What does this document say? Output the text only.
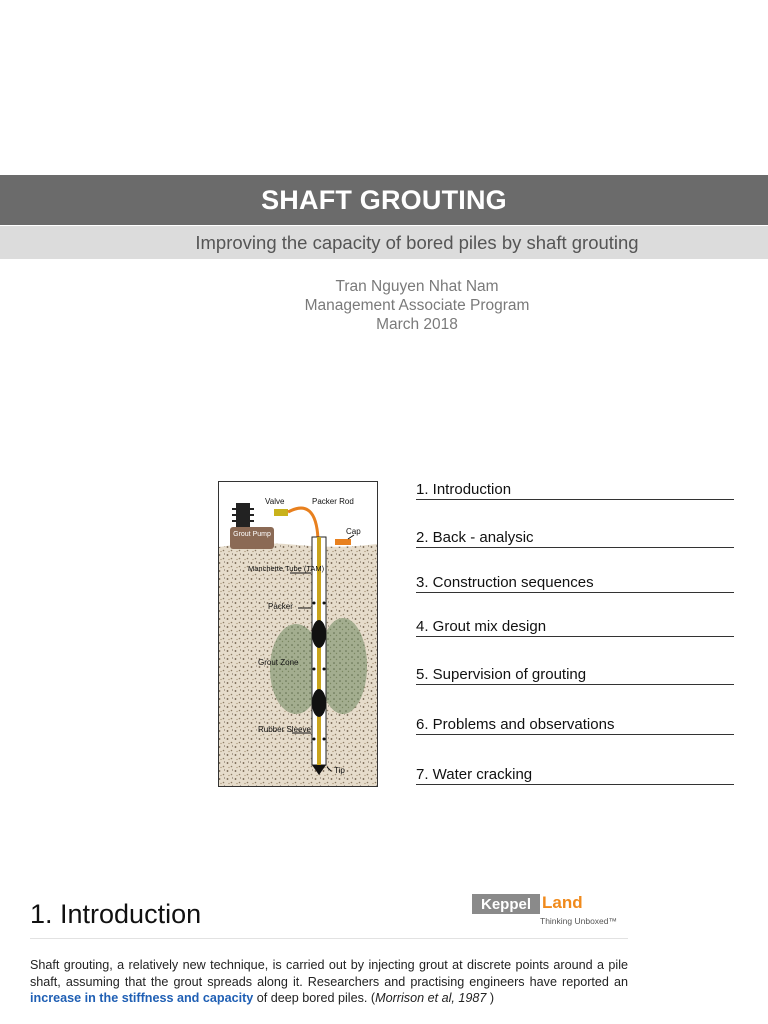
SHAFT GROUTING
Improving the capacity of bored piles by shaft grouting
Tran Nguyen Nhat Nam
Management Associate Program
March 2018
Grout Pump
Valve	Packer Rod
Cap
Manchette Tube (TAM)
Packer
Grout Zone
Rubber Sleeve
Tip
1. Introduction
2. Back - analysic
3. Construction sequences
4. Grout mix design
5. Supervision of grouting
6. Problems and observations
7. Water cracking
1. Introduction	Keppel Land
Thinking Unboxed™
Shaft grouting, a relatively new technique, is carried out by injecting grout at discrete points around a pile shaft, assuming that the grout spreads along it. Researchers and practising engineers have reported an increase in the stiffness and capacity of deep bored piles. (Morrison et al, 1987 )
